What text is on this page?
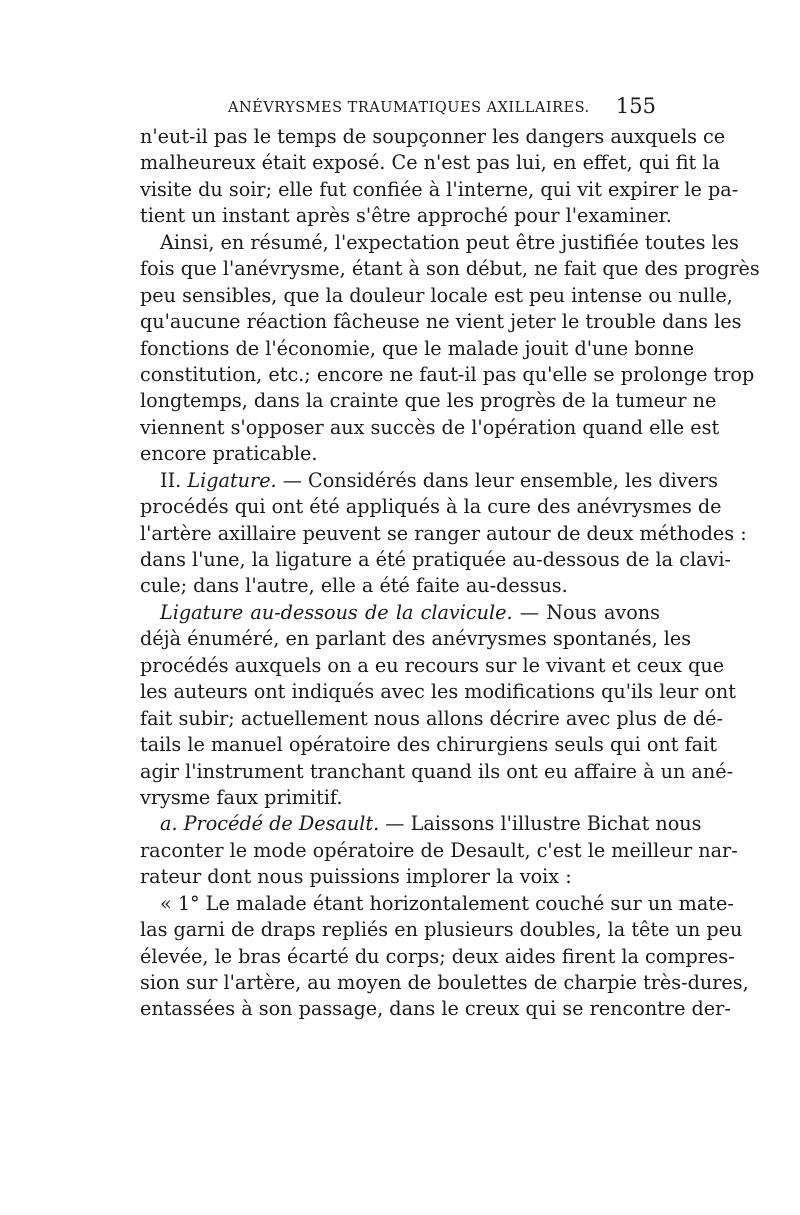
ANÉVRYSMES TRAUMATIQUES AXILLAIRES. 155
n'eut-il pas le temps de soupçonner les dangers auxquels ce
malheureux était exposé. Ce n'est pas lui, en effet, qui fit la
visite du soir; elle fut confiée à l'interne, qui vit expirer le pa-
tient un instant après s'être approché pour l'examiner.
Ainsi, en résumé, l'expectation peut être justifiée toutes les
fois que l'anévrysme, étant à son début, ne fait que des progrès
peu sensibles, que la douleur locale est peu intense ou nulle,
qu'aucune réaction fâcheuse ne vient jeter le trouble dans les
fonctions de l'économie, que le malade jouit d'une bonne
constitution, etc.; encore ne faut-il pas qu'elle se prolonge trop
longtemps, dans la crainte que les progrès de la tumeur ne
viennent s'opposer aux succès de l'opération quand elle est
encore praticable.
II. Ligature. — Considérés dans leur ensemble, les divers
procédés qui ont été appliqués à la cure des anévrysmes de
l'artère axillaire peuvent se ranger autour de deux méthodes :
dans l'une, la ligature a été pratiquée au-dessous de la clavi-
cule; dans l'autre, elle a été faite au-dessus.
Ligature au-dessous de la clavicule. — Nous avons
déjà énuméré, en parlant des anévrysmes spontanés, les
procédés auxquels on a eu recours sur le vivant et ceux que
les auteurs ont indiqués avec les modifications qu'ils leur ont
fait subir; actuellement nous allons décrire avec plus de dé-
tails le manuel opératoire des chirurgiens seuls qui ont fait
agir l'instrument tranchant quand ils ont eu affaire à un ané-
vrysme faux primitif.
a. Procédé de Desault. — Laissons l'illustre Bichat nous
raconter le mode opératoire de Desault, c'est le meilleur nar-
rateur dont nous puissions implorer la voix :
« 1° Le malade étant horizontalement couché sur un mate-
las garni de draps repliés en plusieurs doubles, la tête un peu
élevée, le bras écarté du corps; deux aides firent la compres-
sion sur l'artère, au moyen de boulettes de charpie très-dures,
entassées à son passage, dans le creux qui se rencontre der-
